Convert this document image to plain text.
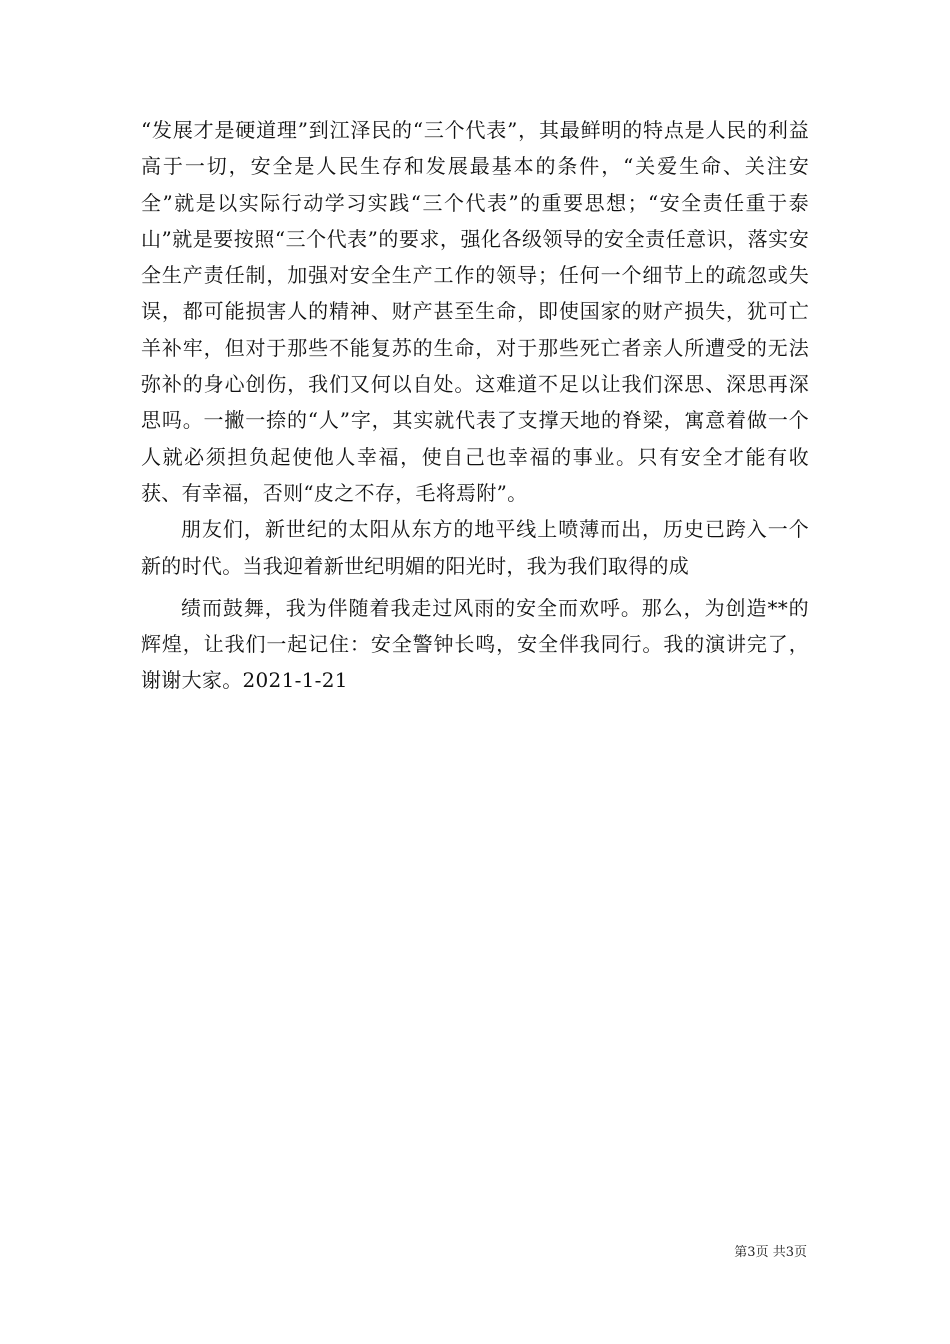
“发展才是硬道理”到江泽民的“三个代表”，其最鲜明的特点是人民的利益高于一切，安全是人民生存和发展最基本的条件，“关爱生命、关注安全”就是以实际行动学习实践“三个代表”的重要思想；“安全责任重于泰山”就是要按照“三个代表”的要求，强化各级领导的安全责任意识，落实安全生产责任制，加强对安全生产工作的领导；任何一个细节上的疏忽或失误，都可能损害人的精神、财产甚至生命，即使国家的财产损失，犹可亡羊补牢，但对于那些不能复苏的生命，对于那些死亡者亲人所遭受的无法弥补的身心创伤，我们又何以自处。这难道不足以让我们深思、深思再深思吗。一撇一捺的“人”字，其实就代表了支撑天地的脊梁，寓意着做一个人就必须担负起使他人幸福，使自己也幸福的事业。只有安全才能有收获、有幸福，否则“皮之不存，毛将焉附”。

朋友们，新世纪的太阳从东方的地平线上喷薄而出，历史已跨入一个新的时代。当我迎着新世纪明媚的阳光时，我为我们取得的成

绩而鼓舞，我为伴随着我走过风雨的安全而欢呼。那么，为创造**的辉煌，让我们一起记住：安全警钟长鸣，安全伴我同行。我的演讲完了，谢谢大家。2021-1-21

第3页 共3页
